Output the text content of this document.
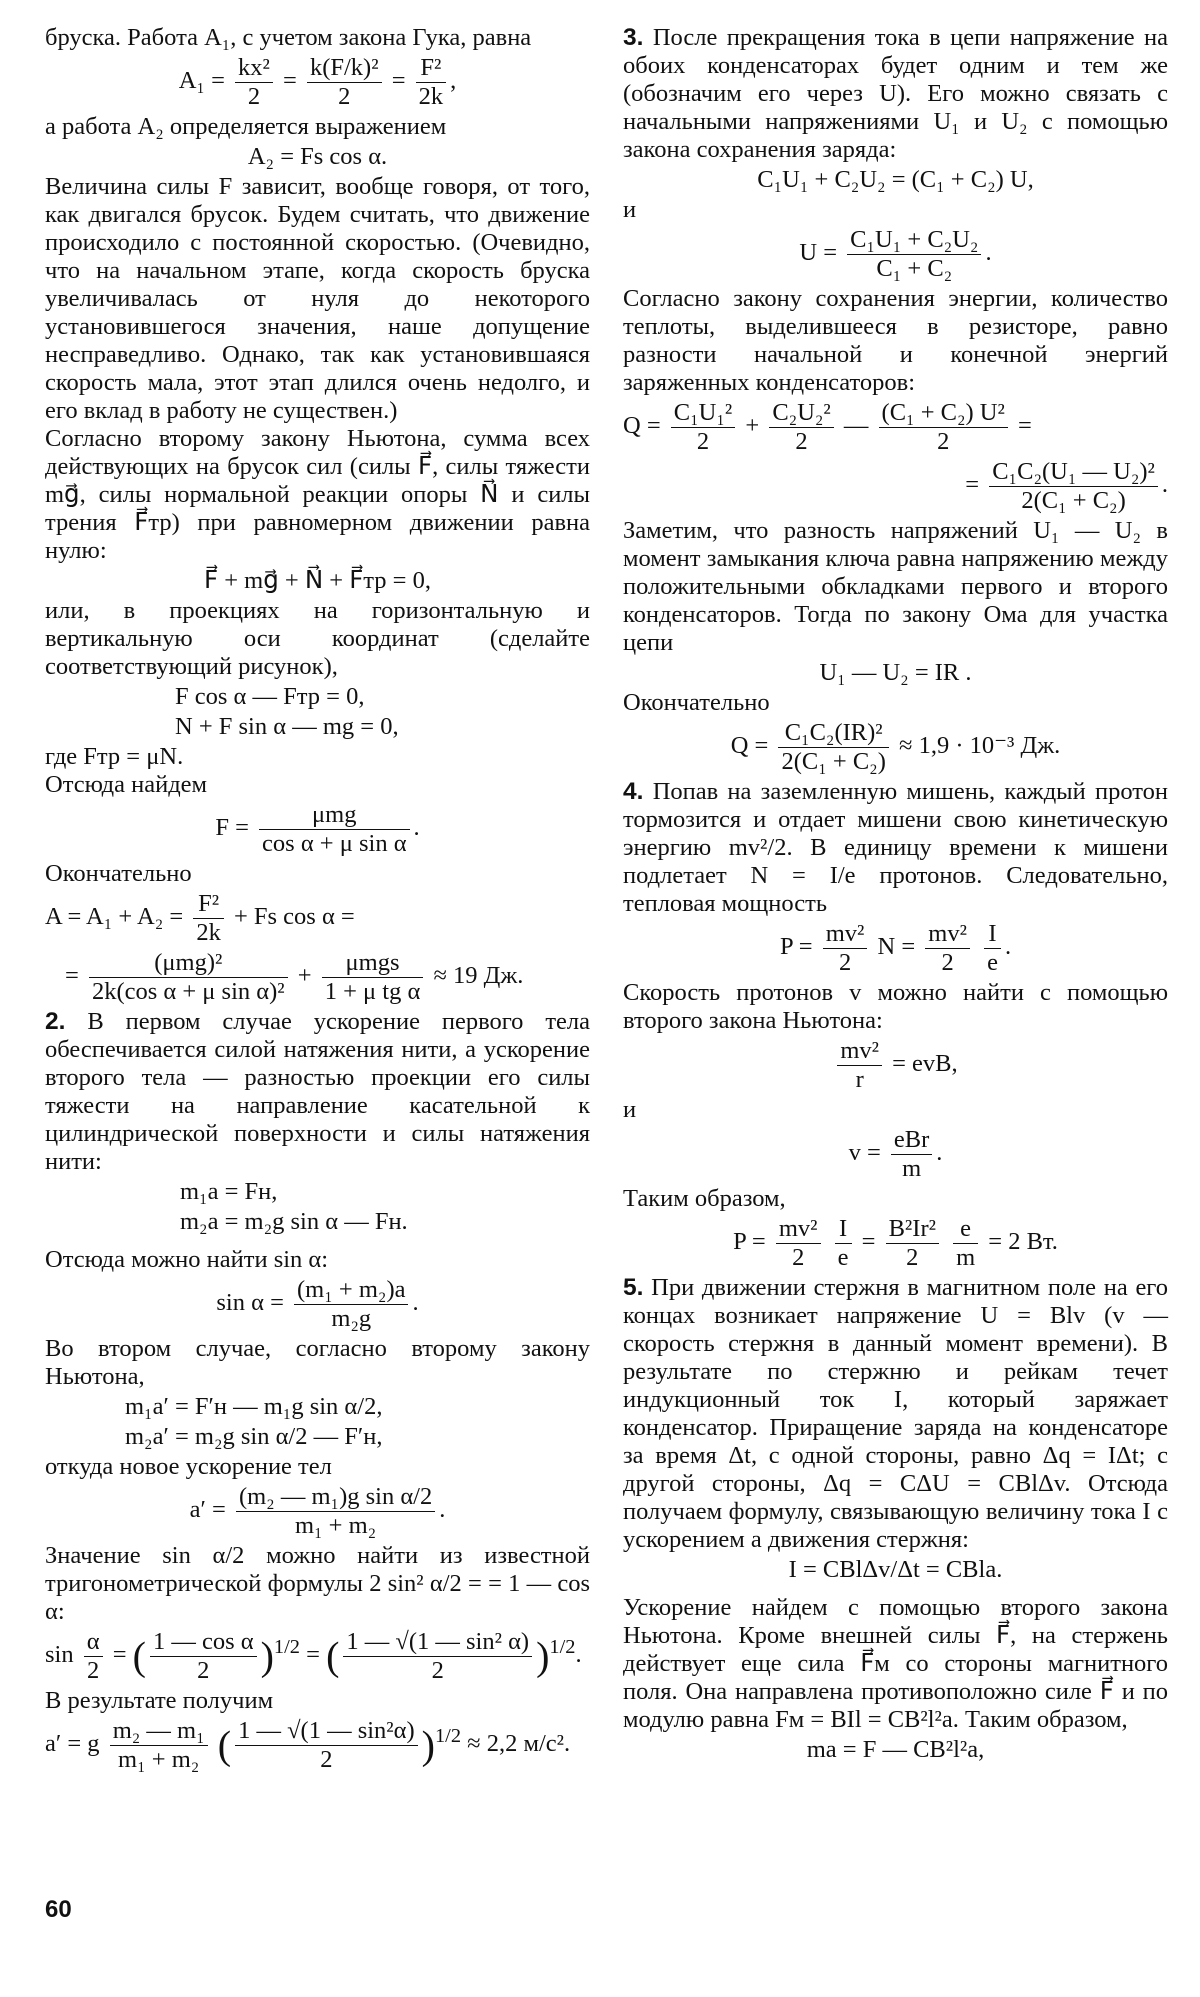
бруска. Работа A₁, с учетом закона Гука, равна

$A_1 = \frac{\text{kx²}}{2} = \frac{\text{k(F/k)²}}{2} = \frac{\text{F²}}{2k}$ ,

а работа A₂ определяется выражением

A₂ = Fs cos α.

Величина силы F зависит, вообще говоря, от того, как двигался брусок. Будем считать, что движение происходило с постоянной скоростью. (Очевидно, что на начальном этапе, когда скорость бруска увеличивалась от нуля до некоторого установившегося значения, наше допущение несправедливо. Однако, так как установившаяся скорость мала, этот этап длился очень недолго, и его вклад в работу не существен.)

Согласно второму закону Ньютона, сумма всех действующих на брусок сил (силы F⃗, силы тяжести mg⃗, силы нормальной реакции опоры N⃗ и силы трения F⃗тр) при равномерном движении равна нулю:

F⃗ + mg⃗ + N⃗ + F⃗тр = 0,

или, в проекциях на горизонтальную и вертикальную оси координат (сделайте соответствующий рисунок),

F cos α — Fтр = 0,
N + F sin α — mg = 0,

где Fтр = μN.

Отсюда найдем

$F = \frac{\text{μmg}}{\text{cos α + μ sin α}}$ .

Окончательно

$A = A_1 + A_2 = \frac{\text{F²}}{2k} + Fs$ cos α =
= $\frac{\text{(μmg)²}}{\text{2k(cos α + μ sin α)²}} + \frac{\text{μmgs}}{\text{1 + μ tg α}} \approx 19$ Дж.

2. В первом случае ускорение первого тела обеспечивается силой натяжения нити, а ускорение второго тела — разностью проекции его силы тяжести на направление касательной к цилиндрической поверхности и силы натяжения нити:

m₁a = Fн,
m₂a = m₂g sin α — Fн.

Отсюда можно найти sin α:

$\sin \alpha = \frac{\text{(m₁ + m₂)a}}{\text{m₂g}}$ .

Во втором случае, согласно второму закону Ньютона,

m₁a′ = F′н — m₁g sin α/2,
m₂a′ = m₂g sin α/2 — F′н,

откуда новое ускорение тел

$a' = \frac{\text{(m₂ — m₁)g sin α/2}}{\text{m₁ + m₂}}$ .

Значение sin α/2 можно найти из известной тригонометрической формулы 2 sin² α/2 = = 1 — cos α:

$\sin \frac{\alpha}{2}$ = ( $\frac{\text{1 — cos α}}{2} )^{1/2}$ = ( $\frac{\text{1 — √(1 — sin² α)}}{2} )^{1/2}$.

В результате получим

a′ = g $\frac{\text{m₂ — m₁}}{\text{m₁ + m₂}}$ ( $\frac{\text{1 — √(1 — sin²α)}}{2} )^{1/2} \approx 2,2$ м/с².

3. После прекращения тока в цепи напряжение на обоих конденсаторах будет одним и тем же (обозначим его через U). Его можно связать с начальными напряжениями U₁ и U₂ с помощью закона сохранения заряда:

C₁U₁ + C₂U₂ = (C₁ + C₂) U,

и

$U = \frac{\text{C₁U₁ + C₂U₂}}{\text{C₁ + C₂}}$ .

Согласно закону сохранения энергии, количество теплоты, выделившееся в резисторе, равно разности начальной и конечной энергий заряженных конденсаторов:

$Q = \frac{\text{C₁U₁²}}{2} + \frac{\text{C₂U₂²}}{2}$ — $\frac{\text{(C₁ + C₂) U²}}{2}$ =
= $\frac{\text{C₁C₂(U₁ — U₂)²}}{\text{2(C₁ + C₂)}}$ .

Заметим, что разность напряжений U₁ — U₂ в момент замыкания ключа равна напряжению между положительными обкладками первого и второго конденсаторов. Тогда по закону Ома для участка цепи

U₁ — U₂ = IR .

Окончательно

$Q = \frac{\text{C₁C₂(IR)²}}{\text{2(C₁ + C₂)}} \approx 1,9 \cdot 10^{-3}$ Дж.

4. Попав на заземленную мишень, каждый протон тормозится и отдает мишени свою кинетическую энергию mv²/2. В единицу времени к мишени подлетает N = I/e протонов. Следовательно, тепловая мощность

$P = \frac{\text{mv²}}{2}$ $N = \frac{\text{mv²}}{2}$
$\frac{I}{e}$ .

Скорость протонов v можно найти с помощью второго закона Ньютона:

$\frac{\text{mv²}}{r}$ = evB,

и

$v = \frac{\text{eBr}}{m}$ .

Таким образом,

$P = \frac{\text{mv²}}{2}$
$\frac{I}{e} = \frac{\text{B²Ir²}}{2}$
$\frac{e}{m} = 2$ Вт.

5. При движении стержня в магнитном поле на его концах возникает напряжение U = Blv (v — скорость стержня в данный момент времени). В результате по стержню и рейкам течет индукционный ток I, который заряжает конденсатор. Приращение заряда на конденсаторе за время Δt, с одной стороны, равно Δq = IΔt; с другой стороны, Δq = CΔU = CBlΔv. Отсюда получаем формулу, связывающую величину тока I с ускорением a движения стержня:

I = CBlΔv/Δt = CBla.

Ускорение найдем с помощью второго закона Ньютона. Кроме внешней силы F⃗, на стержень действует еще сила F⃗м со стороны магнитного поля. Она направлена противоположно силе F⃗ и по модулю равна Fм = BIl = CB²l²a. Таким образом,

ma = F — CB²l²a,
60
